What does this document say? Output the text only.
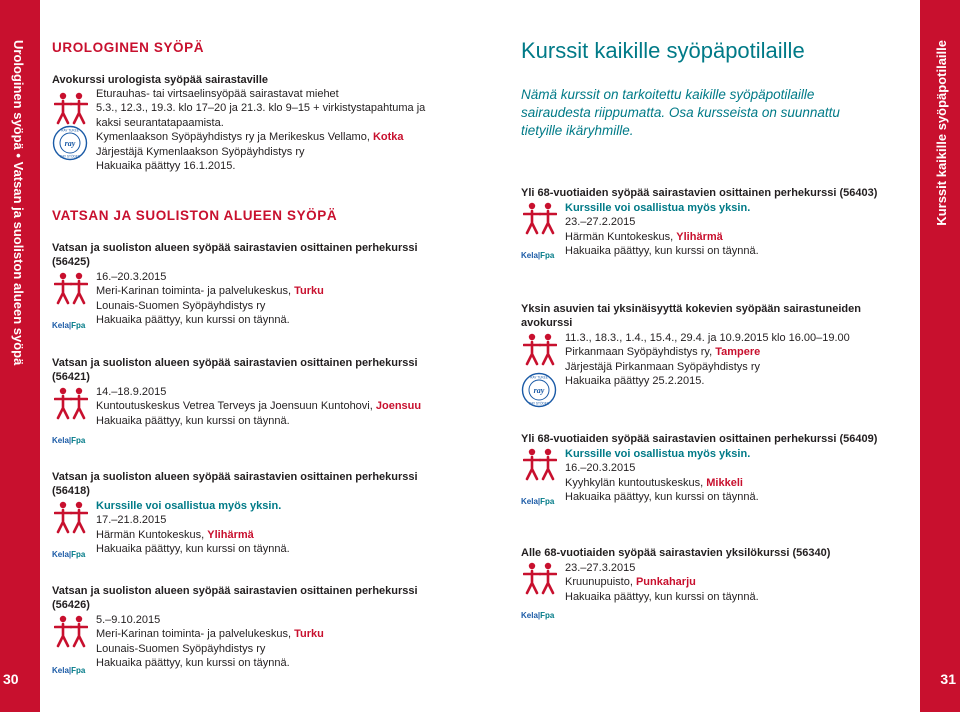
Urologinen syöpä • Vatsan ja suoliston alueen syöpä
30
Kurssit kaikille syöpäpotilaille
31
UROLOGINEN SYÖPÄ
Avokurssi urologista syöpää sairastaville
ray
RAY TUKEE
RAY STÖDER
Eturauhas- tai virtsaelinsyöpää sairastavat miehet
5.3., 12.3., 19.3. klo 17–20 ja 21.3. klo 9–15 + virkistystapahtuma ja
kaksi seurantatapaamista.
Kymenlaakson Syöpäyhdistys ry ja Merikeskus Vellamo, Kotka
Järjestäjä Kymenlaakson Syöpäyhdistys ry
Hakuaika päättyy 16.1.2015.
VATSAN JA SUOLISTON ALUEEN SYÖPÄ
Vatsan ja suoliston alueen syöpää sairastavien osittainen perhekurssi
(56425)
Kela|Fpa
16.–20.3.2015
Meri-Karinan toiminta- ja palvelukeskus, Turku
Lounais-Suomen Syöpäyhdistys ry
Hakuaika päättyy, kun kurssi on täynnä.
Vatsan ja suoliston alueen syöpää sairastavien osittainen perhekurssi
(56421)
Kela|Fpa
14.–18.9.2015
Kuntoutuskeskus Vetrea Terveys ja Joensuun Kuntohovi, Joensuu
Hakuaika päättyy, kun kurssi on täynnä.
Vatsan ja suoliston alueen syöpää sairastavien osittainen perhekurssi
(56418)
Kela|Fpa
Kurssille voi osallistua myös yksin.
17.–21.8.2015
Härmän Kuntokeskus, Ylihärmä
Hakuaika päättyy, kun kurssi on täynnä.
Vatsan ja suoliston alueen syöpää sairastavien osittainen perhekurssi
(56426)
Kela|Fpa
5.–9.10.2015
Meri-Karinan toiminta- ja palvelukeskus, Turku
Lounais-Suomen Syöpäyhdistys ry
Hakuaika päättyy, kun kurssi on täynnä.
Kurssit kaikille syöpäpotilaille
Nämä kurssit on tarkoitettu kaikille syöpäpotilaille
sairaudesta riippumatta. Osa kursseista on suunnattu
tietyille ikäryhmille.
Yli 68-vuotiaiden syöpää sairastavien osittainen perhekurssi (56403)
Kela|Fpa
Kurssille voi osallistua myös yksin.
23.–27.2.2015
Härmän Kuntokeskus, Ylihärmä
Hakuaika päättyy, kun kurssi on täynnä.
Yksin asuvien tai yksinäisyyttä kokevien syöpään sairastuneiden
avokurssi
ray
RAY TUKEE
RAY STÖDER
11.3., 18.3., 1.4., 15.4., 29.4. ja 10.9.2015 klo 16.00–19.00
Pirkanmaan Syöpäyhdistys ry, Tampere
Järjestäjä Pirkanmaan Syöpäyhdistys ry
Hakuaika päättyy 25.2.2015.
Yli 68-vuotiaiden syöpää sairastavien osittainen perhekurssi (56409)
Kela|Fpa
Kurssille voi osallistua myös yksin.
16.–20.3.2015
Kyyhkylän kuntoutuskeskus, Mikkeli
Hakuaika päättyy, kun kurssi on täynnä.
Alle 68-vuotiaiden syöpää sairastavien yksilökurssi (56340)
Kela|Fpa
23.–27.3.2015
Kruunupuisto, Punkaharju
Hakuaika päättyy, kun kurssi on täynnä.
